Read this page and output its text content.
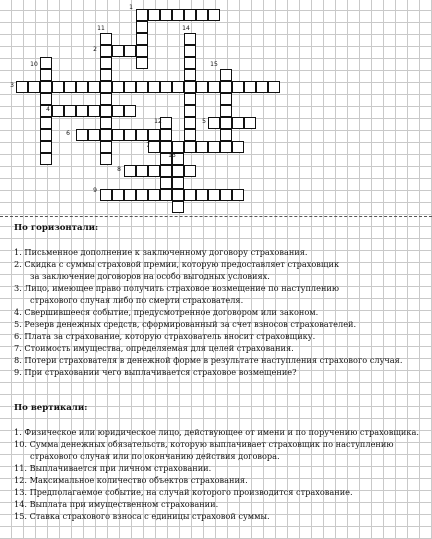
1
2
3
4
5
6
7
8
9
10
11
12
13
14
15
По горизонтали:
1. Письменное дополнение к заключенному договору страхования.
2. Скидка с суммы страховой премии, которую предоставляет страховщик
за заключение договоров на особо выгодных условиях.
3. Лицо, имеющее право получить страховое возмещение по наступлению
страхового случая либо по смерти страхователя.
4. Свершившееся событие, предусмотренное договором или законом.
5. Резерв денежных средств, сформированный за счет взносов страхователей.
6. Плата за страхование, которую страхователь вносит страховщику.
7. Стоимость имущества, определяемая для целей страхования.
8. Потери страхователя в денежной форме в результате наступления страхового случая.
9. При страховании чего выплачивается страховое возмещение?
По вертикали:
1. Физическое или юридическое лицо, действующее от имени и по поручению страховщика.
10. Сумма денежных обязательств, которую выплачивает страховщик по наступлению
страхового случая или по окончанию действия договора.
11. Выплачивается при личном страховании.
12. Максимальное количество объектов страхования.
13. Предполагаемое событие, на случай которого производится страхование.
14. Выплата при имущественном страховании.
15. Ставка страхового взноса с единицы страховой суммы.
